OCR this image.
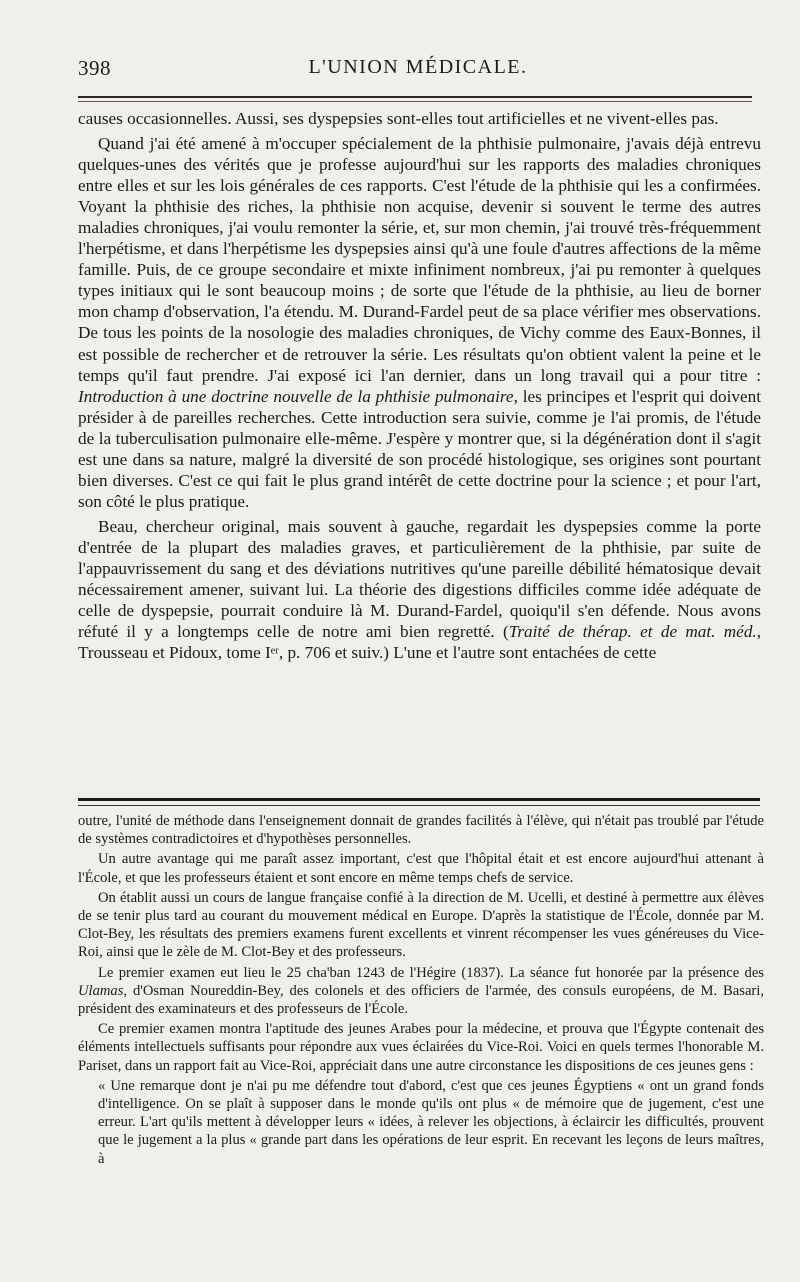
398	L'UNION MÉDICALE.

causes occasionnelles. Aussi, ses dyspepsies sont-elles tout artificielles et ne vivent-elles pas.

Quand j'ai été amené à m'occuper spécialement de la phthisie pulmonaire, j'avais déjà entrevu quelques-unes des vérités que je professe aujourd'hui sur les rapports des maladies chroniques entre elles et sur les lois générales de ces rapports. C'est l'étude de la phthisie qui les a confirmées. Voyant la phthisie des riches, la phthisie non acquise, devenir si souvent le terme des autres maladies chroniques, j'ai voulu remonter la série, et, sur mon chemin, j'ai trouvé très-fréquemment l'herpétisme, et dans l'herpétisme les dyspepsies ainsi qu'à une foule d'autres affections de la même famille. Puis, de ce groupe secondaire et mixte infiniment nombreux, j'ai pu remonter à quelques types initiaux qui le sont beaucoup moins ; de sorte que l'étude de la phthisie, au lieu de borner mon champ d'observation, l'a étendu. M. Durand-Fardel peut de sa place vérifier mes observations. De tous les points de la nosologie des maladies chroniques, de Vichy comme des Eaux-Bonnes, il est possible de rechercher et de retrouver la série. Les résultats qu'on obtient valent la peine et le temps qu'il faut prendre. J'ai exposé ici l'an dernier, dans un long travail qui a pour titre : Introduction à une doctrine nouvelle de la phthisie pulmonaire, les principes et l'esprit qui doivent présider à de pareilles recherches. Cette introduction sera suivie, comme je l'ai promis, de l'étude de la tuberculisation pulmonaire elle-même. J'espère y montrer que, si la dégénération dont il s'agit est une dans sa nature, malgré la diversité de son procédé histologique, ses origines sont pourtant bien diverses. C'est ce qui fait le plus grand intérêt de cette doctrine pour la science ; et pour l'art, son côté le plus pratique.

Beau, chercheur original, mais souvent à gauche, regardait les dyspepsies comme la porte d'entrée de la plupart des maladies graves, et particulièrement de la phthisie, par suite de l'appauvrissement du sang et des déviations nutritives qu'une pareille débilité hématosique devait nécessairement amener, suivant lui. La théorie des digestions difficiles comme idée adéquate de celle de dyspepsie, pourrait conduire là M. Durand-Fardel, quoiqu'il s'en défende. Nous avons réfuté il y a longtemps celle de notre ami bien regretté. (Traité de thérap. et de mat. méd., Trousseau et Pidoux, tome Iᵉʳ, p. 706 et suiv.) L'une et l'autre sont entachées de cette

outre, l'unité de méthode dans l'enseignement donnait de grandes facilités à l'élève, qui n'était pas troublé par l'étude de systèmes contradictoires et d'hypothèses personnelles.

Un autre avantage qui me paraît assez important, c'est que l'hôpital était et est encore aujourd'hui attenant à l'École, et que les professeurs étaient et sont encore en même temps chefs de service.

On établit aussi un cours de langue française confié à la direction de M. Ucelli, et destiné à permettre aux élèves de se tenir plus tard au courant du mouvement médical en Europe. D'après la statistique de l'École, donnée par M. Clot-Bey, les résultats des premiers examens furent excellents et vinrent récompenser les vues généreuses du Vice-Roi, ainsi que le zèle de M. Clot-Bey et des professeurs.

Le premier examen eut lieu le 25 cha'ban 1243 de l'Hégire (1837). La séance fut honorée par la présence des Ulamas, d'Osman Noureddin-Bey, des colonels et des officiers de l'armée, des consuls européens, de M. Basari, président des examinateurs et des professeurs de l'École.

Ce premier examen montra l'aptitude des jeunes Arabes pour la médecine, et prouva que l'Égypte contenait des éléments intellectuels suffisants pour répondre aux vues éclairées du Vice-Roi. Voici en quels termes l'honorable M. Pariset, dans un rapport fait au Vice-Roi, appréciait dans une autre circonstance les dispositions de ces jeunes gens :

« Une remarque dont je n'ai pu me défendre tout d'abord, c'est que ces jeunes Égyptiens « ont un grand fonds d'intelligence. On se plaît à supposer dans le monde qu'ils ont plus « de mémoire que de jugement, c'est une erreur. L'art qu'ils mettent à développer leurs « idées, à relever les objections, à éclaircir les difficultés, prouvent que le jugement a la plus « grande part dans les opérations de leur esprit. En recevant les leçons de leurs maîtres, à
